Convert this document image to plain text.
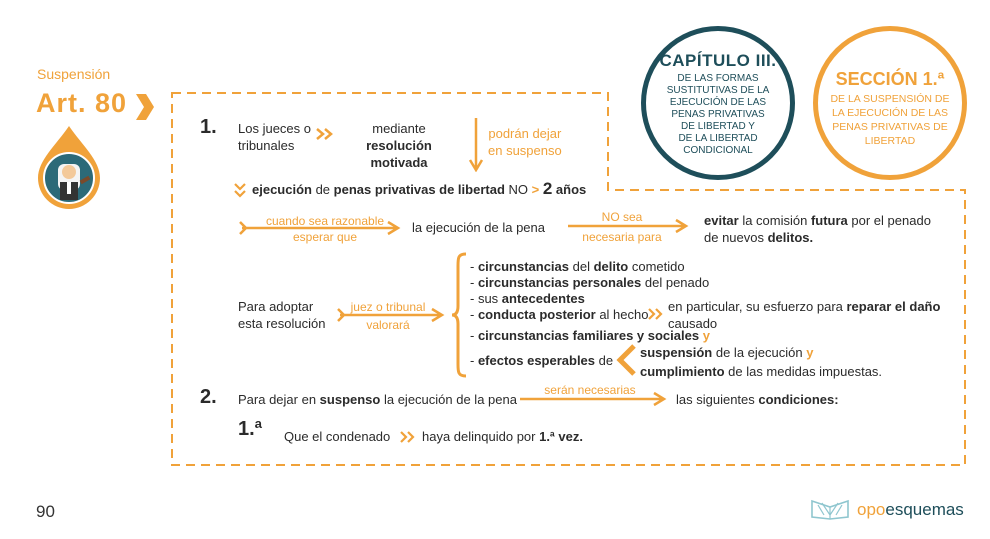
Suspensión
Art. 80
CAPÍTULO III.
DE LAS FORMAS
SUSTITUTIVAS DE LA
EJECUCIÓN DE LAS
PENAS PRIVATIVAS
DE LIBERTAD Y
DE LA LIBERTAD
CONDICIONAL
SECCIÓN 1.ª
DE LA SUSPENSIÓN DE
LA EJECUCIÓN DE LAS
PENAS PRIVATIVAS DE
LIBERTAD
1. Los jueces o
tribunales
mediante resolución
motivada
podrán dejar
en suspenso
ejecución de penas privativas de libertad NO > 2 años
cuando sea razonable
esperar que
la ejecución de la pena
NO sea
necesaria para
evitar la comisión futura por el penado
de nuevos delitos.
Para adoptar
esta resolución
juez o tribunal
valorará
- circunstancias del delito cometido
- circunstancias personales del penado
- sus antecedentes
- conducta posterior al hecho
en particular, su esfuerzo para reparar el daño
causado
- circunstancias familiares y sociales y
- efectos esperables de
suspensión de la ejecución y
cumplimiento de las medidas impuestas.
2. Para dejar en suspenso la ejecución de la pena
serán necesarias
las siguientes condiciones:
1.ª Que el condenado haya delinquido por 1.ª vez.
90	opoesquemas
